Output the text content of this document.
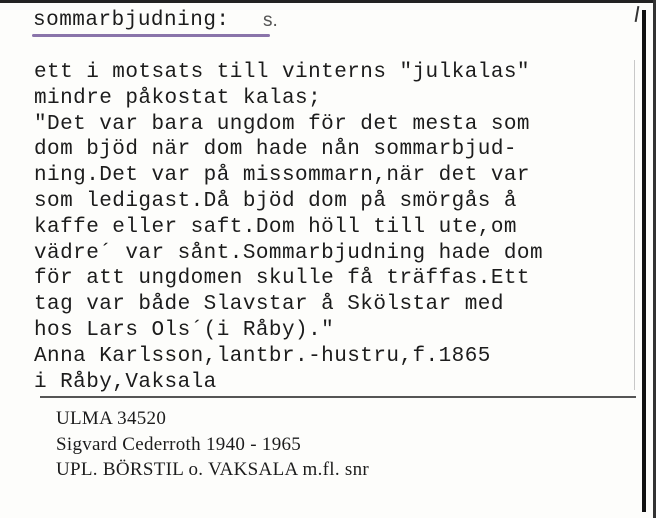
sommarbjudning: s.
ett i motsats till vinterns "julkalas"
mindre påkostat kalas;
"Det var bara ungdom för det mesta som
dom bjöd när dom hade nån sommarbjud-
ning.Det var på missommarn,när det var
som ledigast.Då bjöd dom på smörgås å
kaffe eller saft.Dom höll till ute,om
vädre´ var sånt.Sommarbjudning hade dom
för att ungdomen skulle få träffas.Ett
tag var både Slavstar å Skölstar med
hos Lars Ols´(i Råby)."
Anna Karlsson,lantbr.-hustru,f.1865
i Råby,Vaksala
ULMA 34520
Sigvard Cederroth 1940 - 1965
UPL. BÖRSTIL o. VAKSALA m.fl. snr
